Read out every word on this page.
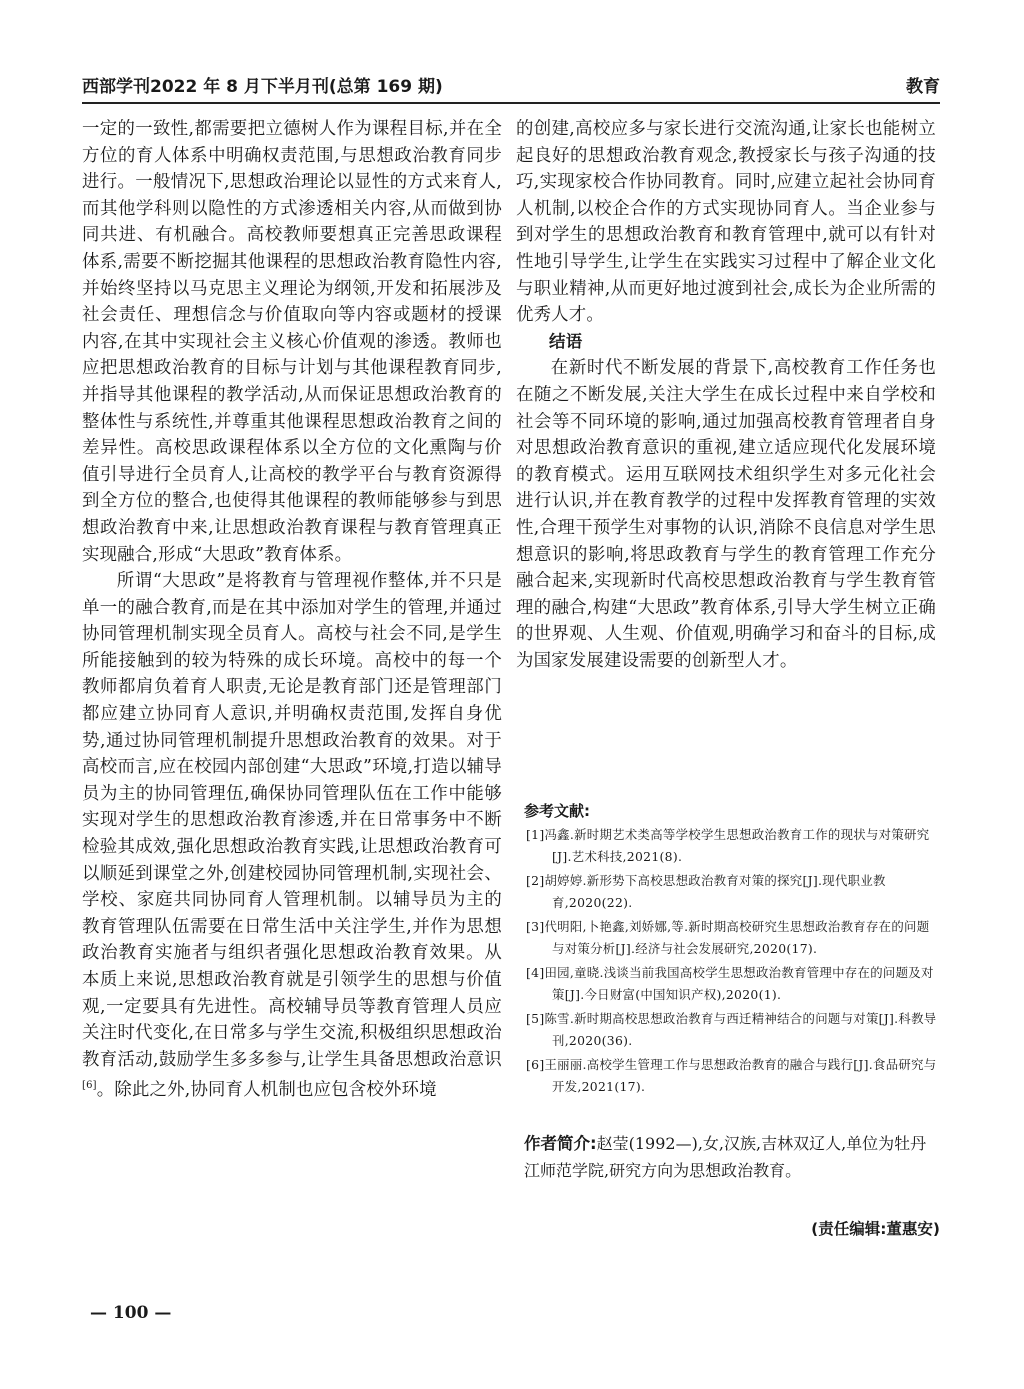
西部学刊2022 年 8 月下半月刊(总第 169 期)	教育

一定的一致性,都需要把立德树人作为课程目标,并在全方位的育人体系中明确权责范围,与思想政治教育同步进行。一般情况下,思想政治理论以显性的方式来育人,而其他学科则以隐性的方式渗透相关内容,从而做到协同共进、有机融合。高校教师要想真正完善思政课程体系,需要不断挖掘其他课程的思想政治教育隐性内容,并始终坚持以马克思主义理论为纲领,开发和拓展涉及社会责任、理想信念与价值取向等内容或题材的授课内容,在其中实现社会主义核心价值观的渗透。教师也应把思想政治教育的目标与计划与其他课程教育同步,并指导其他课程的教学活动,从而保证思想政治教育的整体性与系统性,并尊重其他课程思想政治教育之间的差异性。高校思政课程体系以全方位的文化熏陶与价值引导进行全员育人,让高校的教学平台与教育资源得到全方位的整合,也使得其他课程的教师能够参与到思想政治教育中来,让思想政治教育课程与教育管理真正实现融合,形成“大思政”教育体系。

所谓“大思政”是将教育与管理视作整体,并不只是单一的融合教育,而是在其中添加对学生的管理,并通过协同管理机制实现全员育人。高校与社会不同,是学生所能接触到的较为特殊的成长环境。高校中的每一个教师都肩负着育人职责,无论是教育部门还是管理部门都应建立协同育人意识,并明确权责范围,发挥自身优势,通过协同管理机制提升思想政治教育的效果。对于高校而言,应在校园内部创建“大思政”环境,打造以辅导员为主的协同管理伍,确保协同管理队伍在工作中能够实现对学生的思想政治教育渗透,并在日常事务中不断检验其成效,强化思想政治教育实践,让思想政治教育可以顺延到课堂之外,创建校园协同管理机制,实现社会、学校、家庭共同协同育人管理机制。以辅导员为主的教育管理队伍需要在日常生活中关注学生,并作为思想政治教育实施者与组织者强化思想政治教育效果。从本质上来说,思想政治教育就是引领学生的思想与价值观,一定要具有先进性。高校辅导员等教育管理人员应关注时代变化,在日常多与学生交流,积极组织思想政治教育活动,鼓励学生多多参与,让学生具备思想政治意识[6]。除此之外,协同育人机制也应包含校外环境

的创建,高校应多与家长进行交流沟通,让家长也能树立起良好的思想政治教育观念,教授家长与孩子沟通的技巧,实现家校合作协同教育。同时,应建立起社会协同育人机制,以校企合作的方式实现协同育人。当企业参与到对学生的思想政治教育和教育管理中,就可以有针对性地引导学生,让学生在实践实习过程中了解企业文化与职业精神,从而更好地过渡到社会,成长为企业所需的优秀人才。

结语

在新时代不断发展的背景下,高校教育工作任务也在随之不断发展,关注大学生在成长过程中来自学校和社会等不同环境的影响,通过加强高校教育管理者自身对思想政治教育意识的重视,建立适应现代化发展环境的教育模式。运用互联网技术组织学生对多元化社会进行认识,并在教育教学的过程中发挥教育管理的实效性,合理干预学生对事物的认识,消除不良信息对学生思想意识的影响,将思政教育与学生的教育管理工作充分融合起来,实现新时代高校思想政治教育与学生教育管理的融合,构建“大思政”教育体系,引导大学生树立正确的世界观、人生观、价值观,明确学习和奋斗的目标,成为国家发展建设需要的创新型人才。

参考文献:
[1]冯鑫.新时期艺术类高等学校学生思想政治教育工作的现状与对策研究[J].艺术科技,2021(8).
[2]胡婷婷.新形势下高校思想政治教育对策的探究[J].现代职业教育,2020(22).
[3]代明阳,卜艳鑫,刘娇娜,等.新时期高校研究生思想政治教育存在的问题与对策分析[J].经济与社会发展研究,2020(17).
[4]田园,童晓.浅谈当前我国高校学生思想政治教育管理中存在的问题及对策[J].今日财富(中国知识产权),2020(1).
[5]陈雪.新时期高校思想政治教育与西迁精神结合的问题与对策[J].科教导刊,2020(36).
[6]王丽丽.高校学生管理工作与思想政治教育的融合与践行[J].食品研究与开发,2021(17).
作者简介:赵莹(1992—),女,汉族,吉林双辽人,单位为牡丹江师范学院,研究方向为思想政治教育。
(责任编辑:董惠安)
— 100 —
